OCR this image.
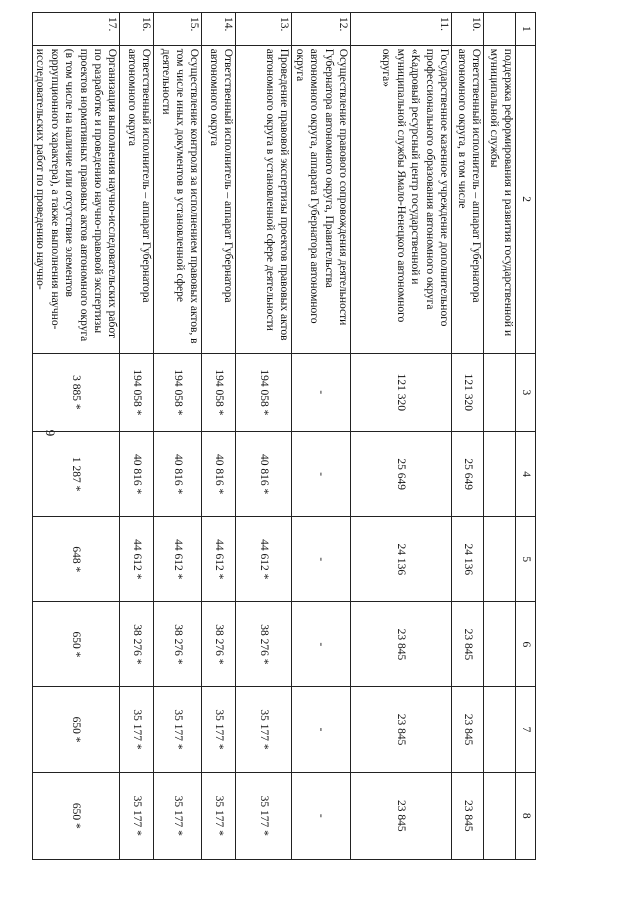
9
1	2	3	4	5	6	7	8
	поддержка реформирования и развития государственной и муниципальной службы						
10.	Ответственный исполнитель – аппарат Губернатора автономного округа, в том числе	121 320	25 649	24 136	23 845	23 845	23 845
11.	Государственное казенное учреждение дополнительного профессионального образования автономного округа «Кадровый ресурсный центр государственной и муниципальной службы Ямало-Ненецкого автономного округа»	121 320	25 649	24 136	23 845	23 845	23 845
12.	Осуществление правового сопровождения деятельности Губернатора автономного округа, Правительства автономного округа, аппарата Губернатора автономного округа	-	-	-	-	-	-
13.	Проведение правовой экспертизы проектов правовых актов автономного округа в установленной сфере деятельности	194 058 *	40 816 *	44 612 *	38 276 *	35 177 *	35 177 *
14.	Ответственный исполнитель – аппарат Губернатора автономного округа	194 058 *	40 816 *	44 612 *	38 276 *	35 177 *	35 177 *
15.	Осуществление контроля за исполнением правовых актов, в том числе иных документов в установленной сфере деятельности	194 058 *	40 816 *	44 612 *	38 276 *	35 177 *	35 177 *
16.	Ответственный исполнитель – аппарат Губернатора автономного округа	194 058 *	40 816 *	44 612 *	38 276 *	35 177 *	35 177 *
17.	Организация выполнения научно-исследовательских работ по разработке и проведению научно-правовой экспертизы проектов нормативных правовых актов автономного округа (в том числе на наличие или отсутствие элементов коррупционного характера), а также выполнения научно-исследовательских работ по проведению научно-	3 885 *	1 287 *	648 *	650 *	650 *	650 *
